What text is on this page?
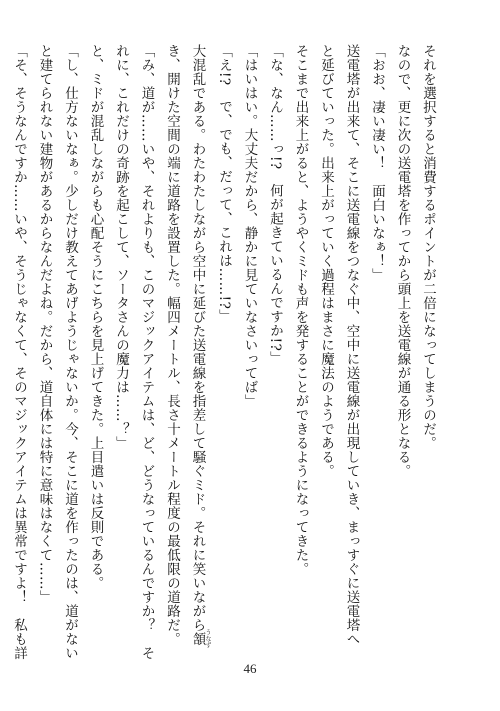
それを選択すると消費するポイントが二倍になってしまうのだ。
なので、更に次の送電塔を作ってから頭上を送電線が通る形となる。
「おお、凄い凄い！　面白いなぁ！」
送電塔が出来て、そこに送電線をつなぐ中、空中に送電線が出現していき、まっすぐに送電塔へ
と延びていった。出来上がっていく過程はまさに魔法のようである。
そこまで出来上がると、ようやくミドも声を発することができるようになってきた。
「な、なん……っ!?　何が起きているんですか!?」
「はいはい。大丈夫だから、静かに見ていなさいってば」
「え!?　で、でも、だって、これは……!?」
大混乱である。わたわたしながら空中に延びた送電線を指差して騒ぐミド。それに笑いながら頷うなず
き、開けた空間の端に道路を設置した。幅四メートル、長さ十メートル程度の最低限の道路だ。
「み、道が……いや、それよりも、このマジックアイテムは、ど、どうなっているんですか？　そ
れに、これだけの奇跡を起こして、ソータさんの魔力は……？」
と、ミドが混乱しながらも心配そうにこちらを見上げてきた。上目遣いは反則である。
「し、仕方ないなぁ。少しだけ教えてあげようじゃないか。今、そこに道を作ったのは、道がない
と建てられない建物があるからなんだよね。だから、道自体には特に意味はなくて……」
「そ、そうなんですか……いや、そうじゃなくて、そのマジックアイテムは異常ですよ！　私も詳
46
